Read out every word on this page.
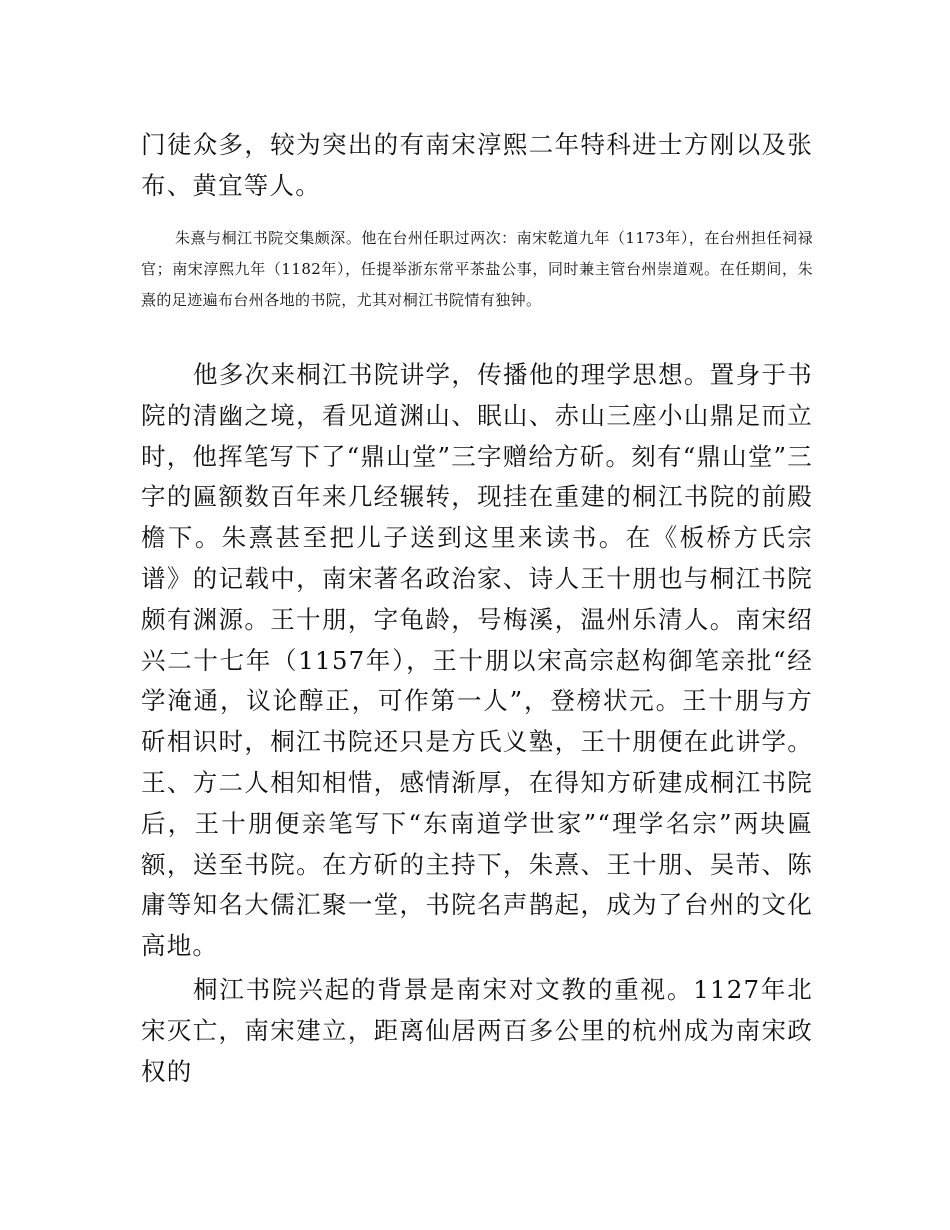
门徒众多，较为突出的有南宋淳熙二年特科进士方刚以及张布、黄宜等人。

朱熹与桐江书院交集颇深。他在台州任职过两次：南宋乾道九年（1173年），在台州担任祠禄官；南宋淳熙九年（1182年），任提举浙东常平茶盐公事，同时兼主管台州崇道观。在任期间，朱熹的足迹遍布台州各地的书院，尤其对桐江书院情有独钟。

他多次来桐江书院讲学，传播他的理学思想。置身于书院的清幽之境，看见道渊山、眠山、赤山三座小山鼎足而立时，他挥笔写下了“鼎山堂”三字赠给方斫。刻有“鼎山堂”三字的匾额数百年来几经辗转，现挂在重建的桐江书院的前殿檐下。朱熹甚至把儿子送到这里来读书。在《板桥方氏宗谱》的记载中，南宋著名政治家、诗人王十朋也与桐江书院颇有渊源。王十朋，字龟龄，号梅溪，温州乐清人。南宋绍兴二十七年（1157年），王十朋以宋高宗赵构御笔亲批“经学淹通，议论醇正，可作第一人”，登榜状元。王十朋与方斫相识时，桐江书院还只是方氏义塾，王十朋便在此讲学。王、方二人相知相惜，感情渐厚，在得知方斫建成桐江书院后，王十朋便亲笔写下“东南道学世家”“理学名宗”两块匾额，送至书院。在方斫的主持下，朱熹、王十朋、吴芾、陈庸等知名大儒汇聚一堂，书院名声鹊起，成为了台州的文化高地。

桐江书院兴起的背景是南宋对文教的重视。1127年北宋灭亡，南宋建立，距离仙居两百多公里的杭州成为南宋政权的
